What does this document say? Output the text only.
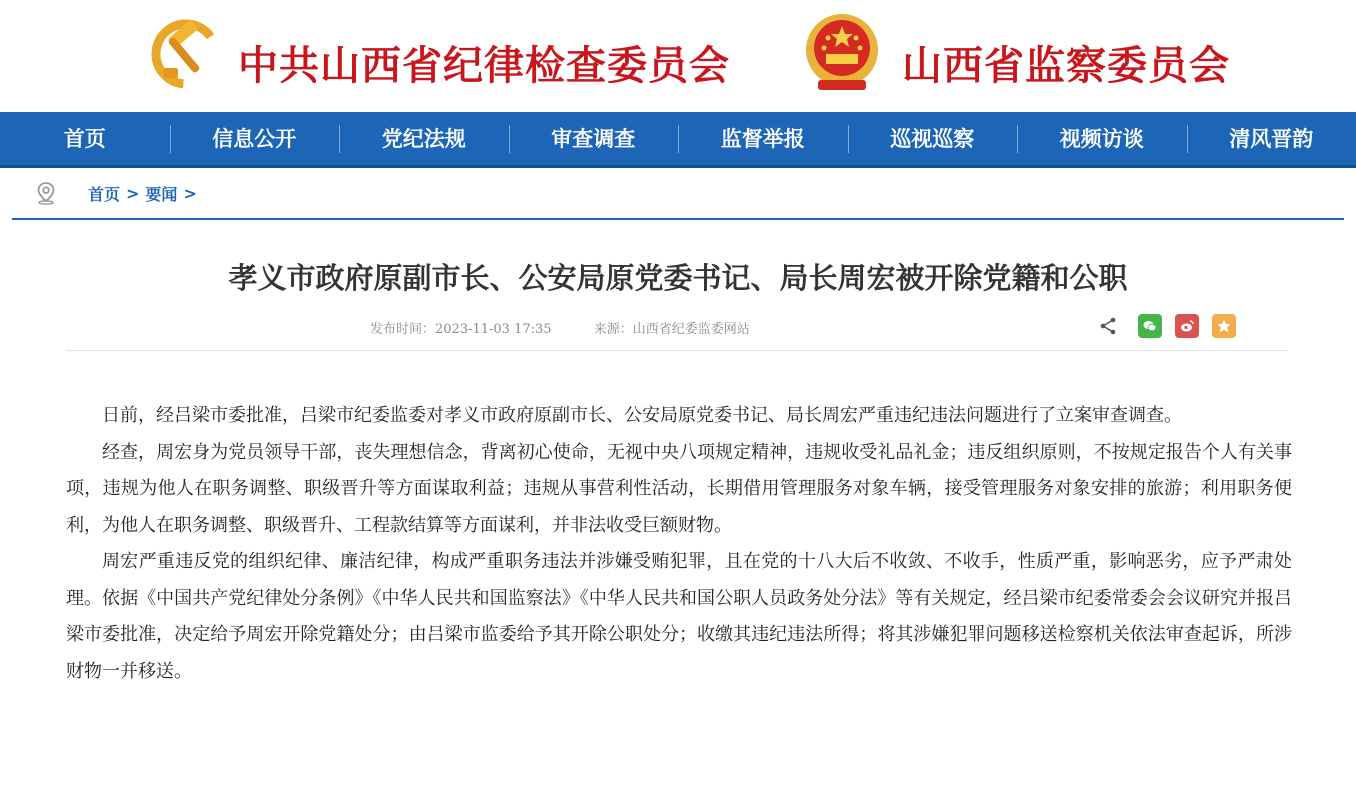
中共山西省纪律检查委员会	山西省监察委员会
首页	信息公开	党纪法规	审查调查	监督举报	巡视巡察	视频访谈	清风晋韵
首页 > 要闻 >
孝义市政府原副市长、公安局原党委书记、局长周宏被开除党籍和公职
发布时间：2023-11-03 17:35	来源：山西省纪委监委网站

日前，经吕梁市委批准，吕梁市纪委监委对孝义市政府原副市长、公安局原党委书记、局长周宏严重违纪违法问题进行了立案审查调查。

经查，周宏身为党员领导干部，丧失理想信念，背离初心使命，无视中央八项规定精神，违规收受礼品礼金；违反组织原则，不按规定报告个人有关事项，违规为他人在职务调整、职级晋升等方面谋取利益；违规从事营利性活动，长期借用管理服务对象车辆，接受管理服务对象安排的旅游；利用职务便利，为他人在职务调整、职级晋升、工程款结算等方面谋利，并非法收受巨额财物。

周宏严重违反党的组织纪律、廉洁纪律，构成严重职务违法并涉嫌受贿犯罪，且在党的十八大后不收敛、不收手，性质严重，影响恶劣，应予严肃处理。依据《中国共产党纪律处分条例》《中华人民共和国监察法》《中华人民共和国公职人员政务处分法》等有关规定，经吕梁市纪委常委会会议研究并报吕梁市委批准，决定给予周宏开除党籍处分；由吕梁市监委给予其开除公职处分；收缴其违纪违法所得；将其涉嫌犯罪问题移送检察机关依法审查起诉，所涉财物一并移送。
